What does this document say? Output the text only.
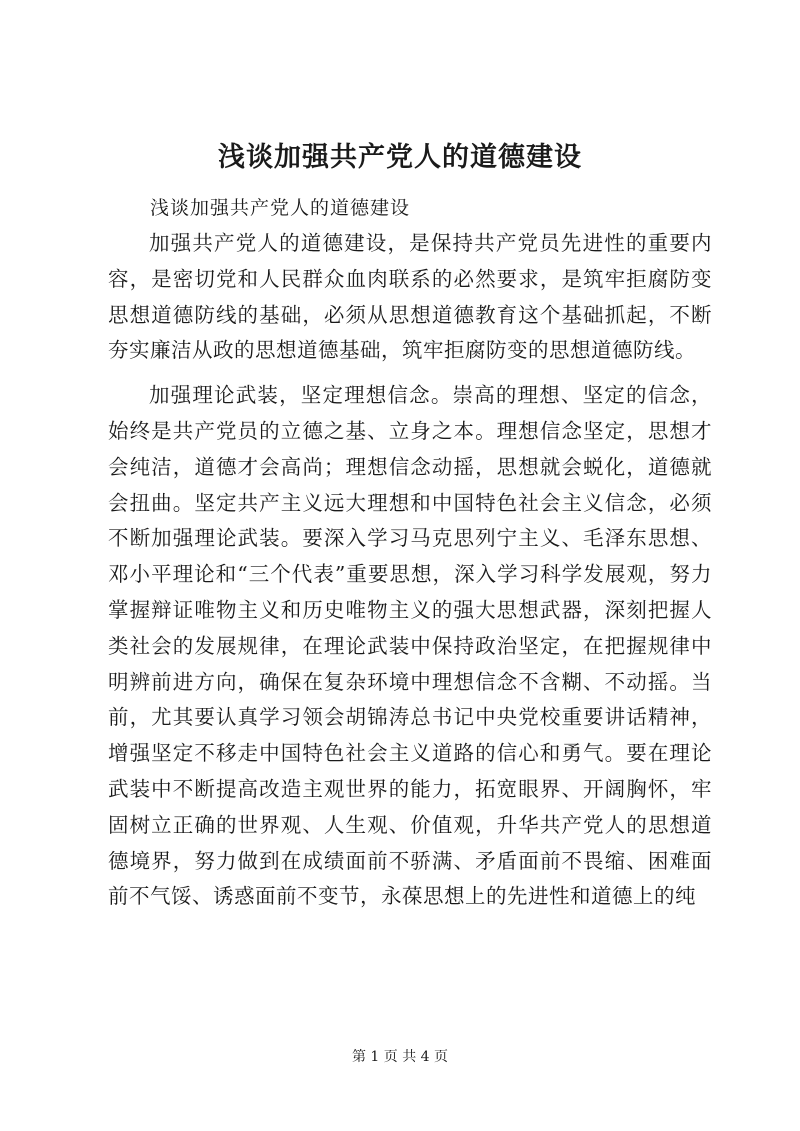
浅谈加强共产党人的道德建设
浅谈加强共产党人的道德建设

加强共产党人的道德建设，是保持共产党员先进性的重要内容，是密切党和人民群众血肉联系的必然要求，是筑牢拒腐防变思想道德防线的基础，必须从思想道德教育这个基础抓起，不断夯实廉洁从政的思想道德基础，筑牢拒腐防变的思想道德防线。

加强理论武装，坚定理想信念。崇高的理想、坚定的信念，始终是共产党员的立德之基、立身之本。理想信念坚定，思想才会纯洁，道德才会高尚；理想信念动摇，思想就会蜕化，道德就会扭曲。坚定共产主义远大理想和中国特色社会主义信念，必须不断加强理论武装。要深入学习马克思列宁主义、毛泽东思想、邓小平理论和“三个代表”重要思想，深入学习科学发展观，努力掌握辩证唯物主义和历史唯物主义的强大思想武器，深刻把握人类社会的发展规律，在理论武装中保持政治坚定，在把握规律中明辨前进方向，确保在复杂环境中理想信念不含糊、不动摇。当前，尤其要认真学习领会胡锦涛总书记中央党校重要讲话精神，增强坚定不移走中国特色社会主义道路的信心和勇气。要在理论武装中不断提高改造主观世界的能力，拓宽眼界、开阔胸怀，牢固树立正确的世界观、人生观、价值观，升华共产党人的思想道德境界，努力做到在成绩面前不骄满、矛盾面前不畏缩、困难面前不气馁、诱惑面前不变节，永葆思想上的先进性和道德上的纯

第 1 页 共 4 页
